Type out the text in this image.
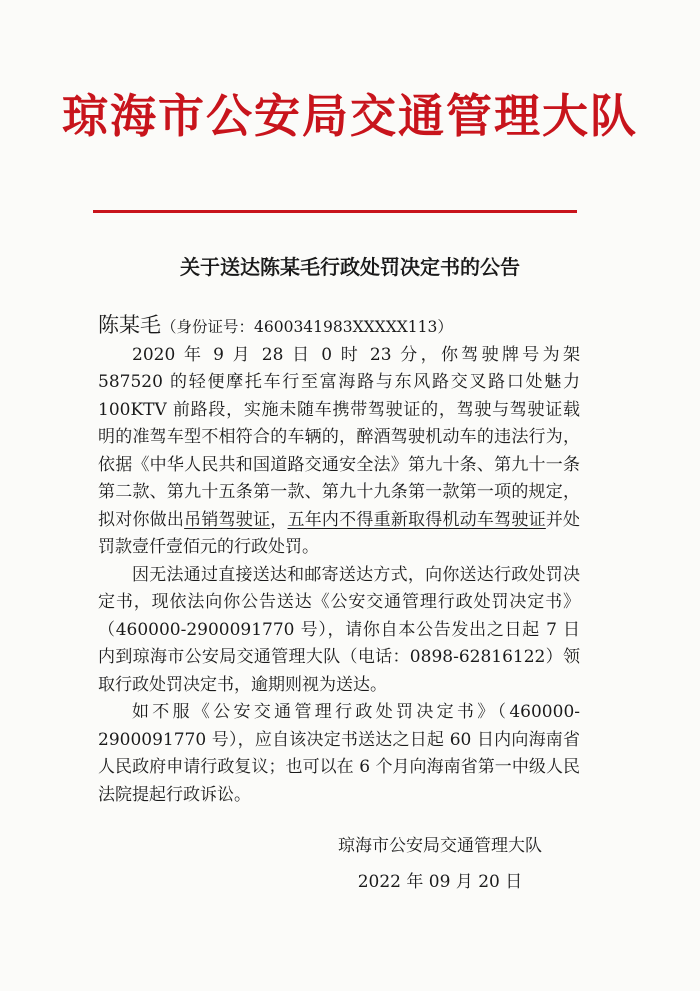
琼海市公安局交通管理大队
关于送达陈某毛行政处罚决定书的公告

陈某毛（身份证号：4600341983XXXXX113）

2020 年 9 月 28 日 0 时 23 分，你驾驶牌号为架 587520 的轻便摩托车行至富海路与东风路交叉路口处魅力 100KTV 前路段，实施未随车携带驾驶证的，驾驶与驾驶证载明的准驾车型不相符合的车辆的，醉酒驾驶机动车的违法行为，依据《中华人民共和国道路交通安全法》第九十条、第九十一条第二款、第九十五条第一款、第九十九条第一款第一项的规定，拟对你做出吊销驾驶证，五年内不得重新取得机动车驾驶证并处罚款壹仟壹佰元的行政处罚。

因无法通过直接送达和邮寄送达方式，向你送达行政处罚决定书，现依法向你公告送达《公安交通管理行政处罚决定书》（460000-2900091770 号），请你自本公告发出之日起 7 日内到琼海市公安局交通管理大队（电话：0898-62816122）领取行政处罚决定书，逾期则视为送达。

如不服《公安交通管理行政处罚决定书》（460000-2900091770 号），应自该决定书送达之日起 60 日内向海南省人民政府申请行政复议；也可以在 6 个月向海南省第一中级人民法院提起行政诉讼。

琼海市公安局交通管理大队
2022 年 09 月 20 日
